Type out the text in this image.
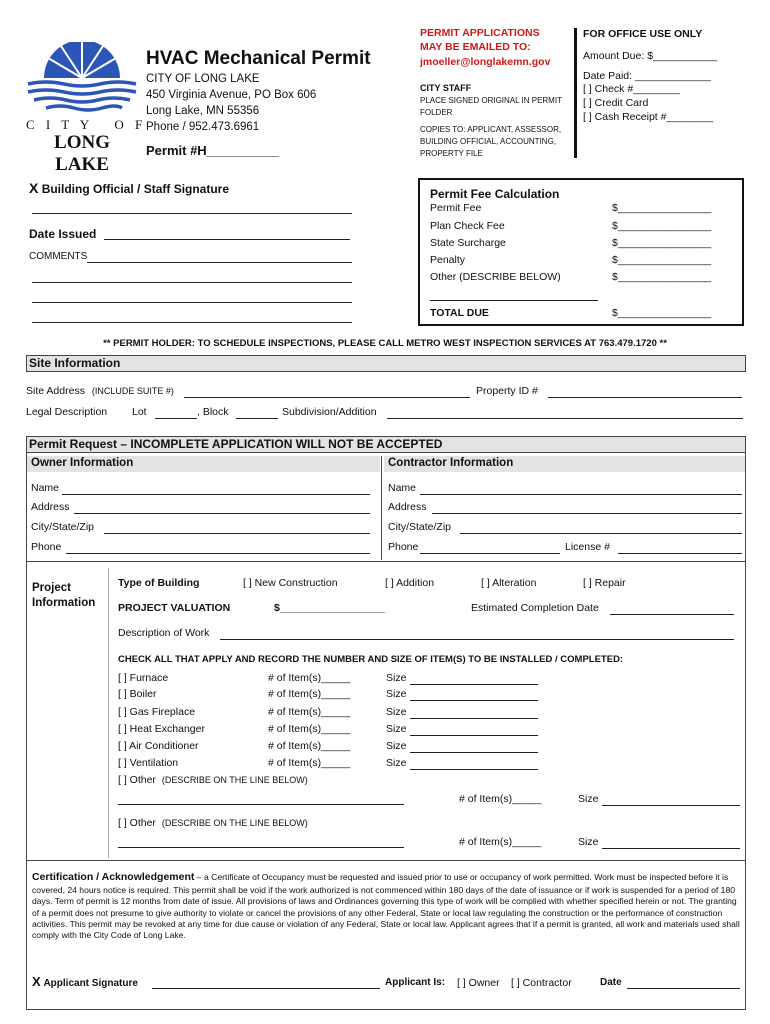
C I T Y   O F
LONG LAKE
HVAC Mechanical Permit
CITY OF LONG LAKE
450 Virginia Avenue, PO Box 606
Long Lake, MN 55356
Phone / 952.473.6961
Permit #H__________
PERMIT APPLICATIONS
MAY BE EMAILED TO:
jmoeller@longlakemn.gov
CITY STAFF
PLACE SIGNED ORIGINAL IN PERMIT
FOLDER
COPIES TO: APPLICANT, ASSESSOR,
BUILDING OFFICIAL, ACCOUNTING,
PROPERTY FILE
FOR OFFICE USE ONLY
Amount Due: $___________
Date Paid: _____________
[ ] Check #________
[ ] Credit Card
[ ] Cash Receipt #________
X Building Official / Staff Signature
Date Issued
COMMENTS
Permit Fee Calculation
Permit Fee	$________________
Plan Check Fee	$________________
State Surcharge	$________________
Penalty	$________________
Other (DESCRIBE BELOW)	$________________
TOTAL DUE	$________________
** PERMIT HOLDER: TO SCHEDULE INSPECTIONS, PLEASE CALL METRO WEST INSPECTION SERVICES AT 763.479.1720 **
Site Information
Site Address (INCLUDE SUITE #)	Property ID #
Legal Description Lot	, Block	Subdivision/Addition
Permit Request – INCOMPLETE APPLICATION WILL NOT BE ACCEPTED
Owner Information	Contractor Information
Name
Address
City/State/Zip
Phone
Name
Address
City/State/Zip
Phone	License #
Project
Information
Type of Building	[ ] New Construction	[ ] Addition	[ ] Alteration	[ ] Repair
PROJECT VALUATION	$__________________	Estimated Completion Date
Description of Work
CHECK ALL THAT APPLY AND RECORD THE NUMBER AND SIZE OF ITEM(S) TO BE INSTALLED / COMPLETED:
[ ] Furnace	# of Item(s)_____	Size
[ ] Boiler	# of Item(s)_____	Size
[ ] Gas Fireplace	# of Item(s)_____	Size
[ ] Heat Exchanger	# of Item(s)_____	Size
[ ] Air Conditioner	# of Item(s)_____	Size
[ ] Ventilation	# of Item(s)_____	Size
[ ] Other (DESCRIBE ON THE LINE BELOW)
# of Item(s)_____	Size
[ ] Other (DESCRIBE ON THE LINE BELOW)
# of Item(s)_____	Size
Certification / Acknowledgement – a Certificate of Occupancy must be requested and issued prior to use or occupancy of work permitted. Work must be inspected before it is covered, 24 hours notice is required. This permit shall be void if the work authorized is not commenced within 180 days of the date of issuance or if work is suspended for a period of 180 days. Term of permit is 12 months from date of issue. All provisions of laws and Ordinances governing this type of work will be complied with whether specified herein or not. The granting of a permit does not presume to give authority to violate or cancel the provisions of any other Federal, State or local law regulating the construction or the performance of construction activities. This permit may be revoked at any time for due cause or violation of any Federal, State or local law. Applicant agrees that if a permit is granted, all work and materials used shall comply with the City Code of Long Lake.
X Applicant Signature	Applicant Is: [ ] Owner [ ] Contractor	Date
